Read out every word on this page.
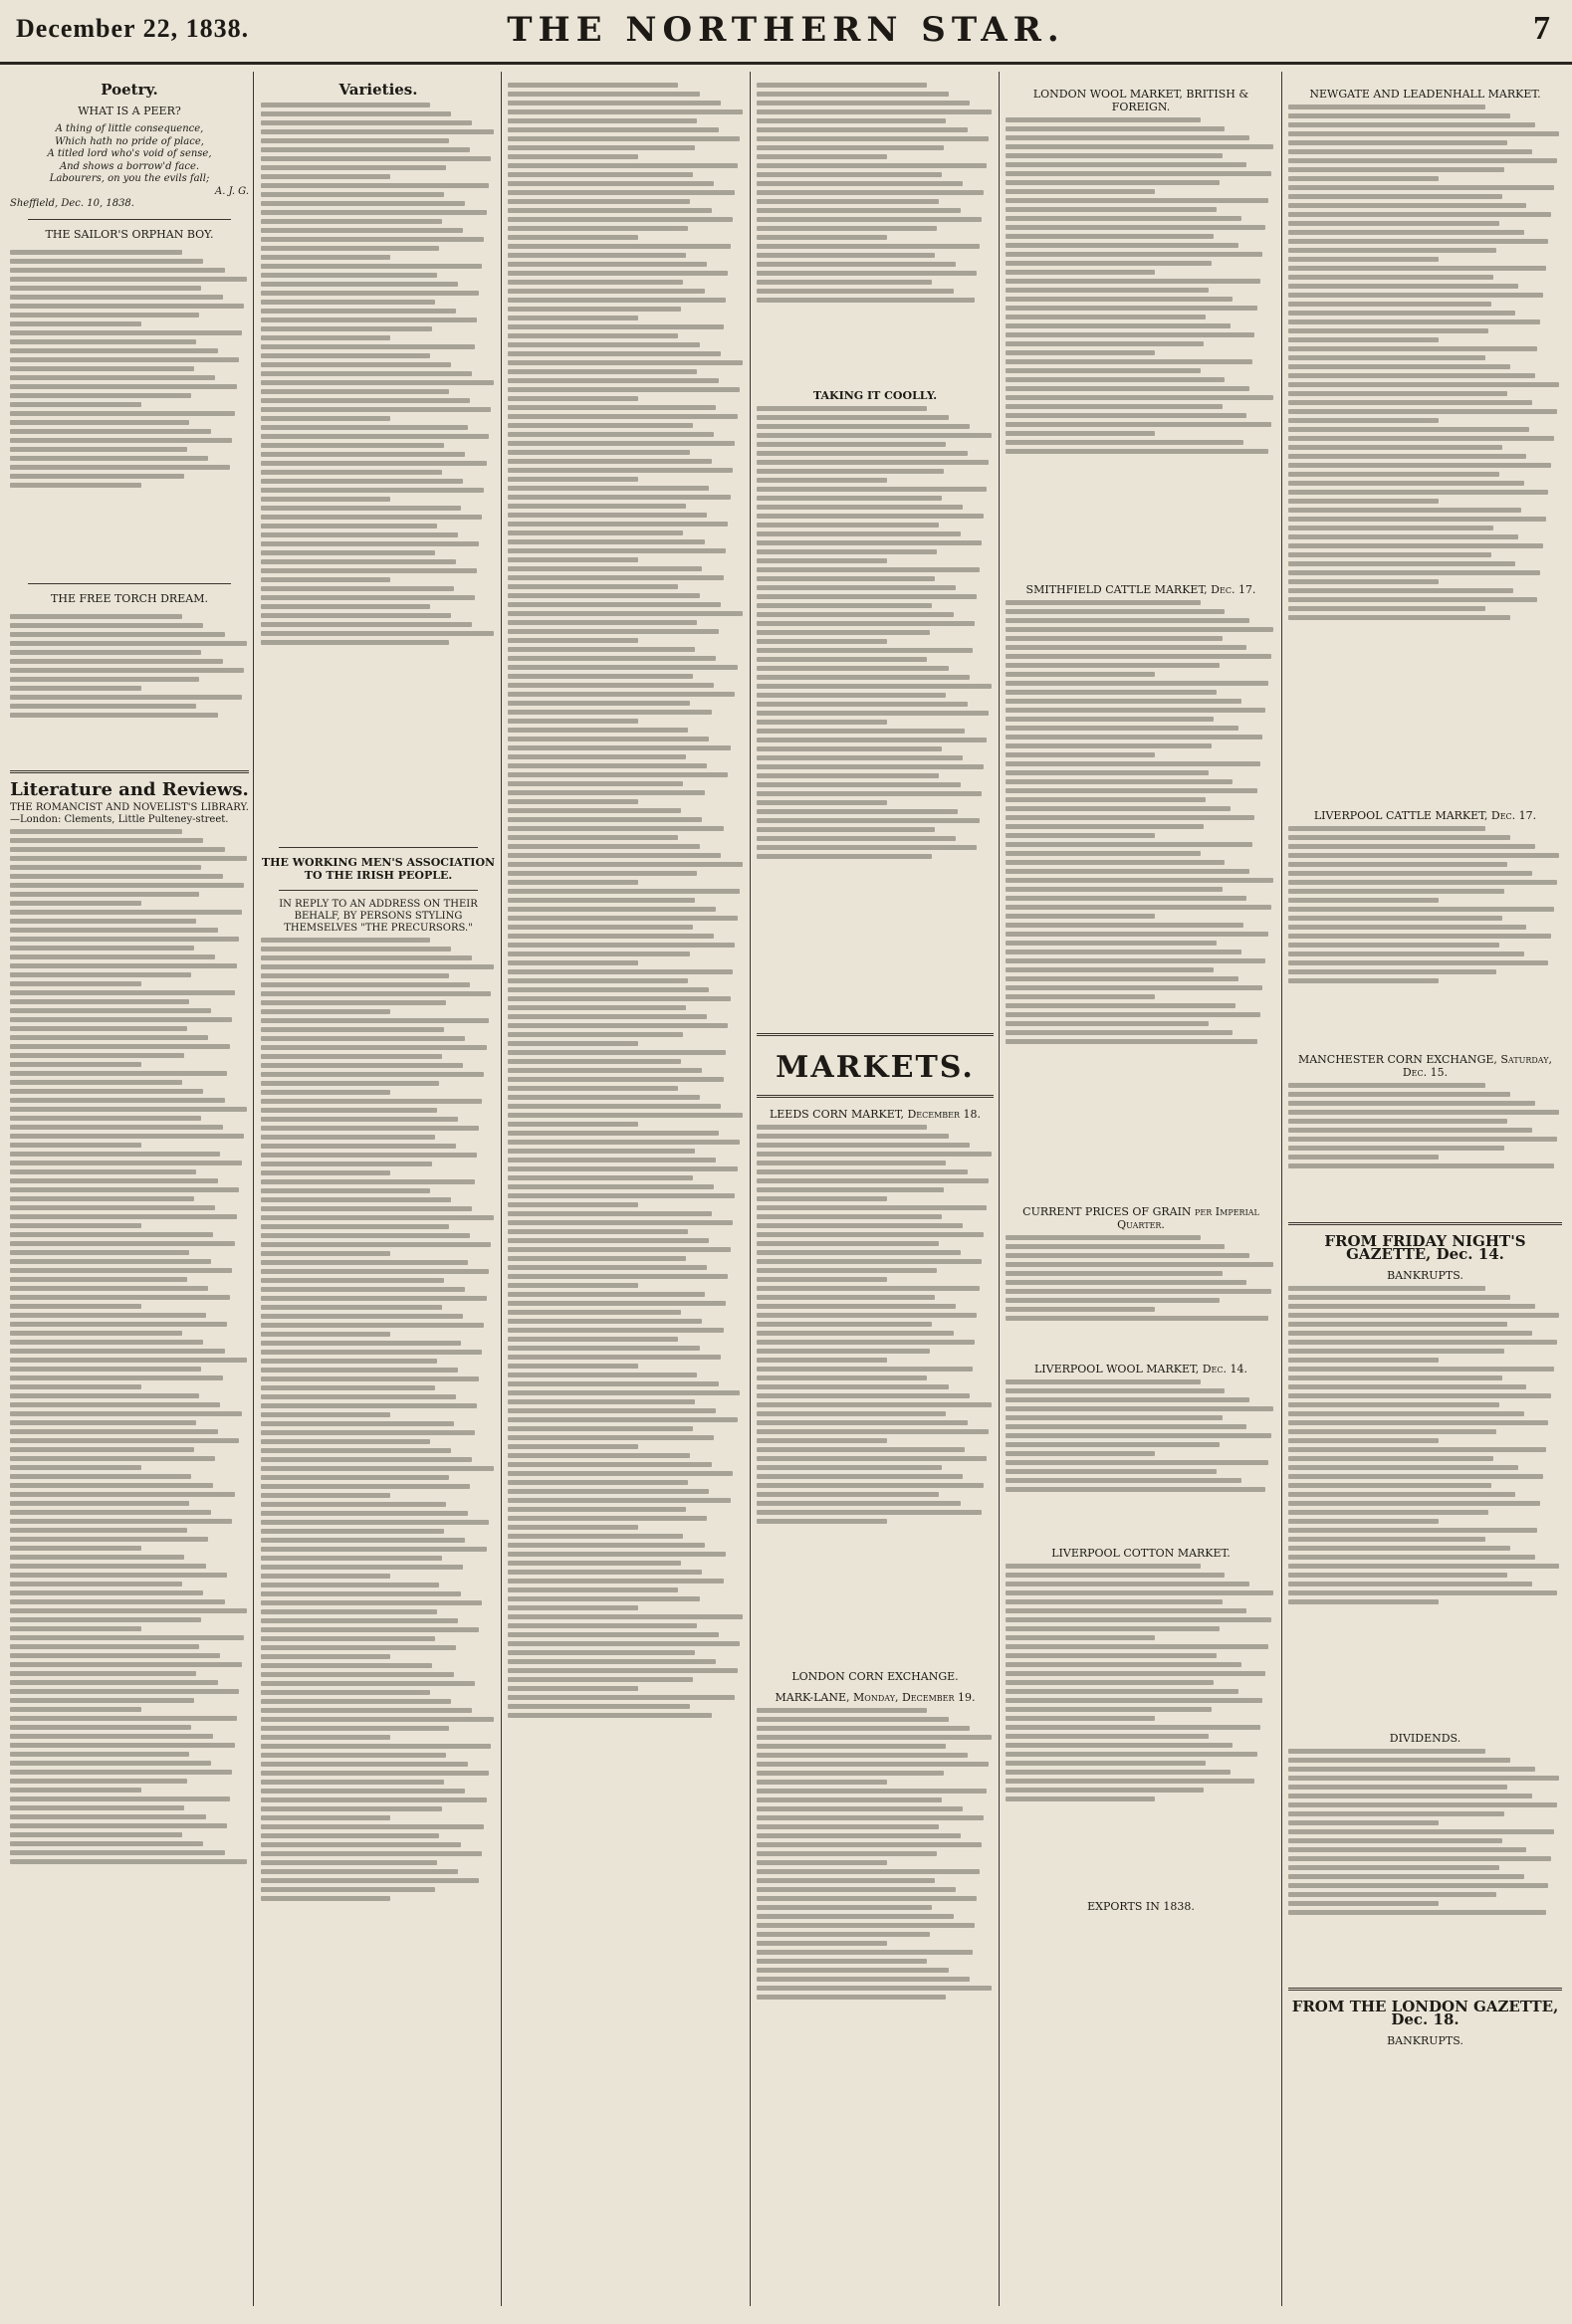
December 22, 1838.	THE NORTHERN STAR.	7
Poetry.
WHAT IS A PEER?
A thing of little consequence,
Which hath no pride of place,
A titled lord who's void of sense,
And shows a borrow'd face.
Labourers, on you the evils fall;
A. J. G.
Sheffield, Dec. 10, 1838.
THE SAILOR'S ORPHAN BOY.
THE FREE TORCH DREAM.
Literature and Reviews.
THE ROMANCIST AND NOVELIST'S LIBRARY.—London: Clements, Little Pulteney-street.
Varieties.
THE WORKING MEN'S ASSOCIATION TO THE IRISH PEOPLE.
IN REPLY TO AN ADDRESS ON THEIR BEHALF, BY PERSONS STYLING THEMSELVES "THE PRECURSORS."
TAKING IT COOLLY.
MARKETS.
LEEDS CORN MARKET, December 18.
LONDON CORN EXCHANGE.
MARK-LANE, Monday, December 19.
LONDON WOOL MARKET, BRITISH & FOREIGN.
SMITHFIELD CATTLE MARKET, Dec. 17.
CURRENT PRICES OF GRAIN per Imperial Quarter.
LIVERPOOL WOOL MARKET, Dec. 14.
LIVERPOOL COTTON MARKET.
EXPORTS IN 1838.
NEWGATE AND LEADENHALL MARKET.
LIVERPOOL CATTLE MARKET, Dec. 17.
MANCHESTER CORN EXCHANGE, Saturday, Dec. 15.
FROM FRIDAY NIGHT'S GAZETTE, Dec. 14.
BANKRUPTS.
DIVIDENDS.
FROM THE LONDON GAZETTE, Dec. 18.
BANKRUPTS.
